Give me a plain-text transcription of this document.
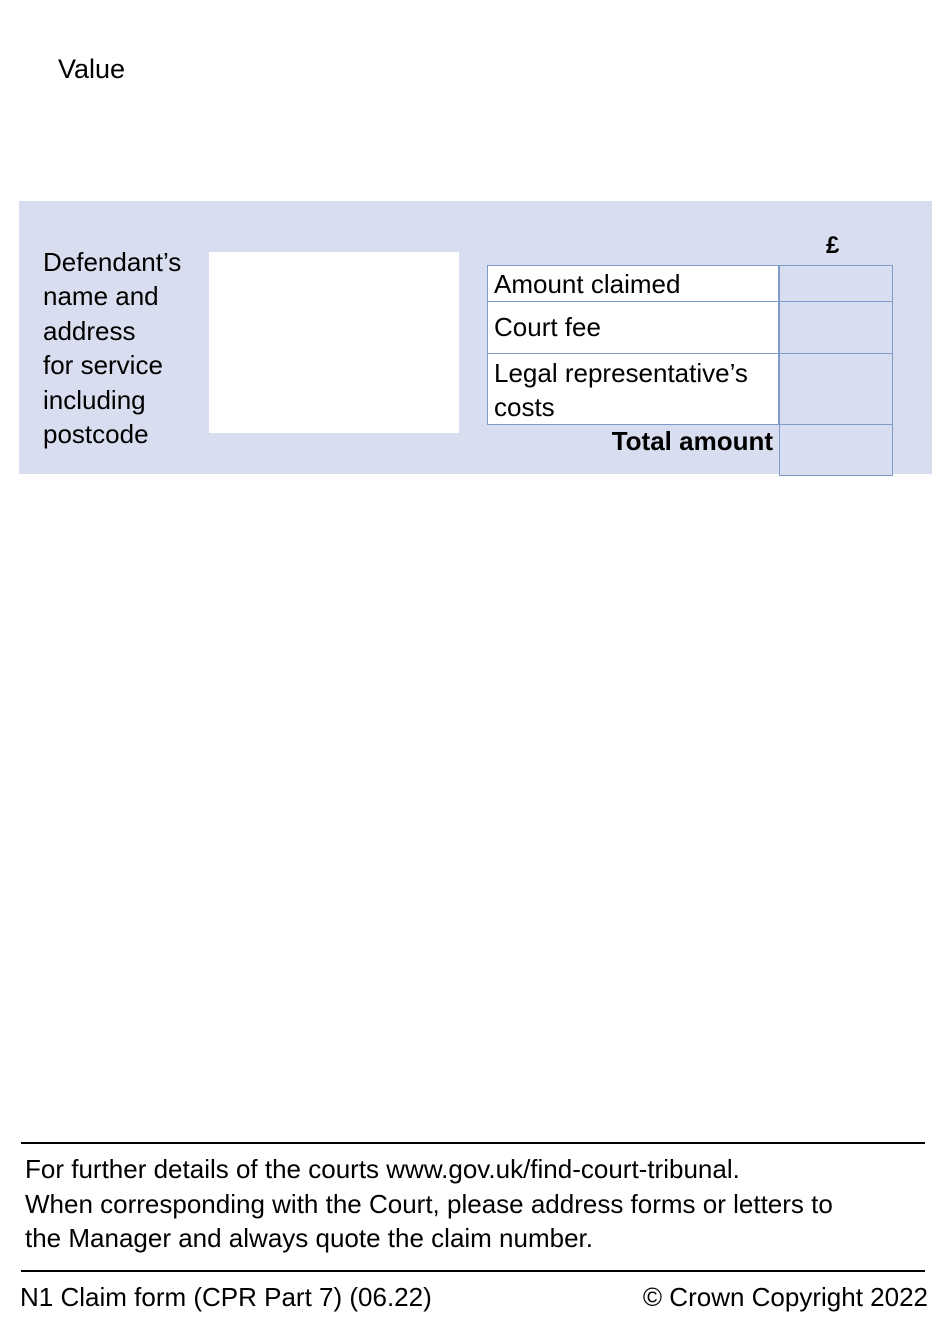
Value
Defendant’s
name and
address
for service
including
postcode
£
Amount claimed
Court fee
Legal representative’s
costs
Total amount
For further details of the courts www.gov.uk/find-court-tribunal.
When corresponding with the Court, please address forms or letters to
the Manager and always quote the claim number.
N1 Claim form (CPR Part 7) (06.22)	© Crown Copyright 2022
